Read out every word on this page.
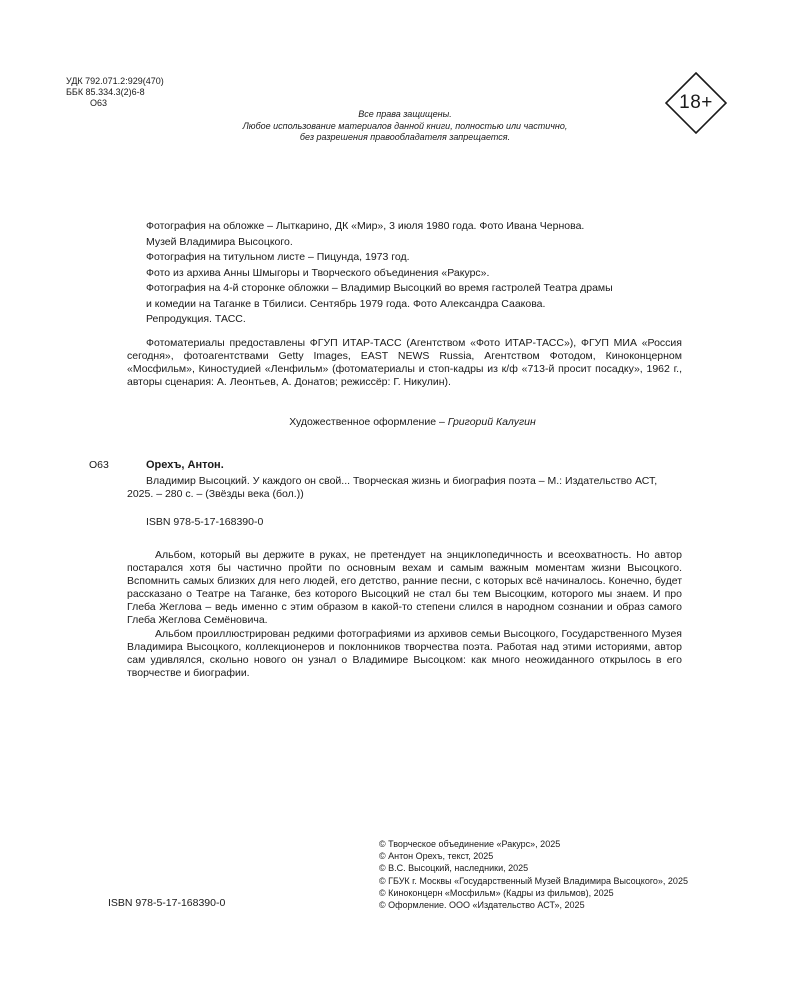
УДК 792.071.2:929(470)
ББК 85.334.3(2)6-8
О63	18+
Все права защищены.
Любое использование материалов данной книги, полностью или частично,
без разрешения правообладателя запрещается.

Фотография на обложке – Лыткарино, ДК «Мир», 3 июля 1980 года. Фото Ивана Чернова.

Музей Владимира Высоцкого.

Фотография на титульном листе – Пицунда, 1973 год.

Фото из архива Анны Шмыгоры и Творческого объединения «Ракурс».

Фотография на 4-й сторонке обложки – Владимир Высоцкий во время гастролей Театра драмы

и комедии на Таганке в Тбилиси. Сентябрь 1979 года. Фото Александра Саакова.

Репродукция. ТАСС.

Фотоматериалы предоставлены ФГУП ИТАР-ТАСС (Агентством «Фото ИТАР-ТАСС»), ФГУП МИА «Россия сегодня», фотоагентствами Getty Images, EAST NEWS Russia, Агентством Фотодом, Киноконцерном «Мосфильм», Киностудией «Ленфильм» (фотоматериалы и стоп-кадры из к/ф «713-й просит посадку», 1962 г., авторы сценария: А. Леонтьев, А. Донатов; режиссёр: Г. Никулин).
Художественное оформление – Григорий Калугин
О63	Орехъ, Антон.
Владимир Высоцкий. У каждого он свой... Творческая жизнь и биография поэта – М.: Издательство АСТ, 2025. – 280 с. – (Звёзды века (бол.))
ISBN 978-5-17-168390-0

Альбом, который вы держите в руках, не претендует на энциклопедичность и всеохватность. Но автор постарался хотя бы частично пройти по основным вехам и самым важным моментам жизни Высоцкого. Вспомнить самых близких для него людей, его детство, ранние песни, с которых всё начиналось. Конечно, будет рассказано о Театре на Таганке, без которого Высоцкий не стал бы тем Высоцким, которого мы знаем. И про Глеба Жеглова – ведь именно с этим образом в какой-то степени слился в народном сознании и образ самого Глеба Жеглова Семёновича.

Альбом проиллюстрирован редкими фотографиями из архивов семьи Высоцкого, Государственного Музея Владимира Высоцкого, коллекционеров и поклонников творчества поэта. Работая над этими историями, автор сам удивлялся, скольно нового он узнал о Владимире Высоцком: как много неожиданного открылось в его творчестве и биографии.

ISBN 978-5-17-168390-0
© Творческое объединение «Ракурс», 2025
© Антон Орехъ, текст, 2025
© В.С. Высоцкий, наследники, 2025
© ГБУК г. Москвы «Государственный Музей Владимира Высоцкого», 2025
© Киноконцерн «Мосфильм» (Кадры из фильмов), 2025
© Оформление. ООО «Издательство АСТ», 2025
